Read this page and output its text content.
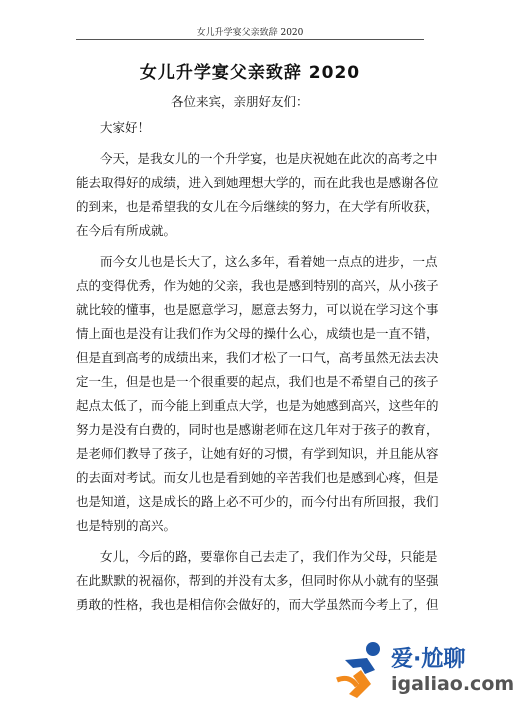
女儿升学宴父亲致辞 2020
女儿升学宴父亲致辞 2020
各位来宾，亲朋好友们：

大家好！

今天，是我女儿的一个升学宴，也是庆祝她在此次的高考之中
能去取得好的成绩，进入到她理想大学的，而在此我也是感谢各位
的到来，也是希望我的女儿在今后继续的努力，在大学有所收获，
在今后有所成就。

而今女儿也是长大了，这么多年，看着她一点点的进步，一点
点的变得优秀，作为她的父亲，我也是感到特别的高兴，从小孩子
就比较的懂事，也是愿意学习，愿意去努力，可以说在学习这个事
情上面也是没有让我们作为父母的操什么心，成绩也是一直不错，
但是直到高考的成绩出来，我们才松了一口气，高考虽然无法去决
定一生，但是也是一个很重要的起点，我们也是不希望自己的孩子
起点太低了，而今能上到重点大学，也是为她感到高兴，这些年的
努力是没有白费的，同时也是感谢老师在这几年对于孩子的教育，
是老师们教导了孩子，让她有好的习惯，有学到知识，并且能从容
的去面对考试。而女儿也是看到她的辛苦我们也是感到心疼，但是
也是知道，这是成长的路上必不可少的，而今付出有所回报，我们
也是特别的高兴。

女儿，今后的路，要靠你自己去走了，我们作为父母，只能是
在此默默的祝福你，帮到的并没有太多，但同时你从小就有的坚强
勇敢的性格，我也是相信你会做好的，而大学虽然而今考上了，但

爱·尬聊
igaliao.com
